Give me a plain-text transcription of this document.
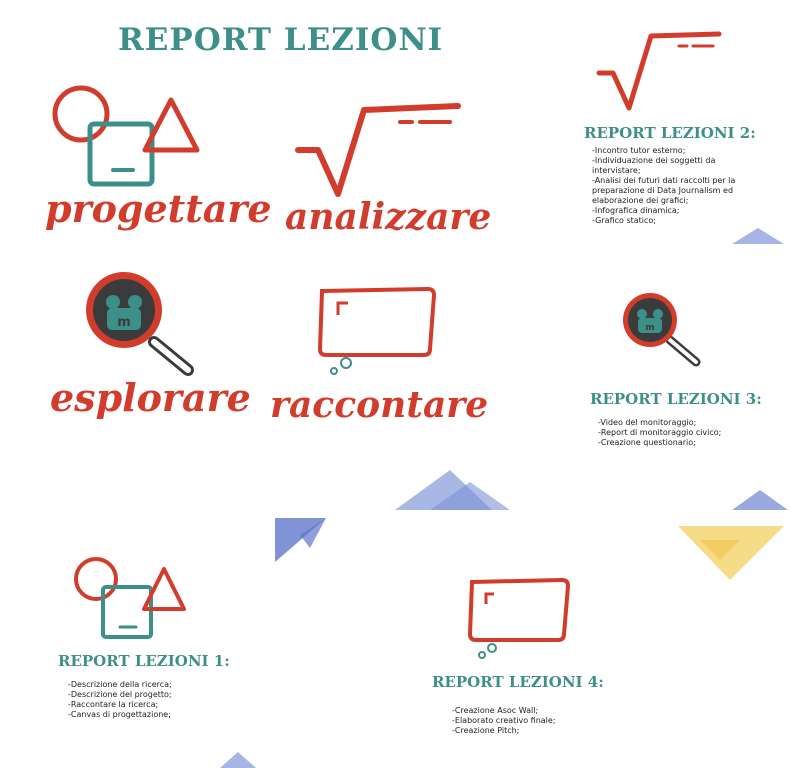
REPORT LEZIONI
progettare analizzare
m
esplorare raccontare
REPORT LEZIONI 2:
-Incontro tutor esterno;
-Individuazione dei soggetti da
intervistare;
-Analisi dei futuri dati raccolti per la
preparazione di Data Journalism ed
elaborazione dei grafici;
-Infografica dinamica;
-Grafico statico;
m
REPORT LEZIONI 3:
-Video del monitoraggio;
-Report di monitoraggio civico;
-Creazione questionario;
REPORT LEZIONI 1:
-Descrizione della ricerca;
-Descrizione del progetto;
-Raccontare la ricerca;
-Canvas di progettazione;
REPORT LEZIONI 4:
-Creazione Asoc Wall;
-Elaborato creativo finale;
-Creazione Pitch;
